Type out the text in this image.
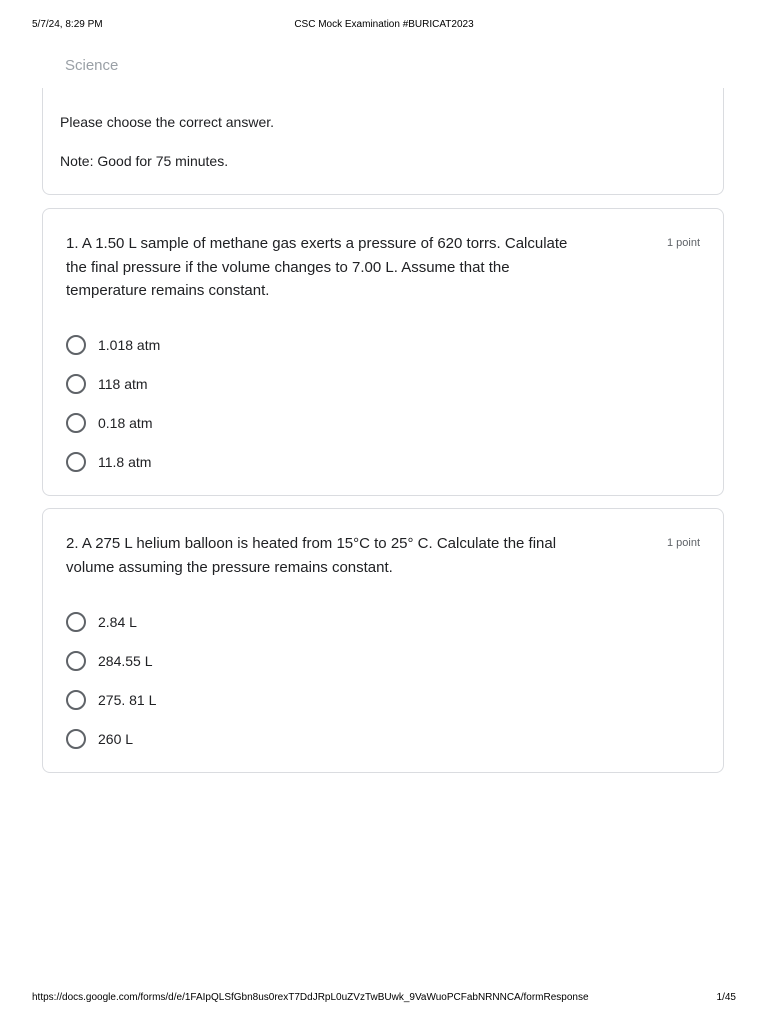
5/7/24, 8:29 PM	CSC Mock Examination #BURICAT2023
Science
Please choose the correct answer.
Note: Good for 75 minutes.
1. A 1.50 L sample of methane gas exerts a pressure of 620 torrs. Calculate the final pressure if the volume changes to 7.00 L. Assume that the temperature remains constant.
1 point
1.018 atm
118 atm
0.18 atm
11.8 atm
2. A 275 L helium balloon is heated from 15°C to 25° C. Calculate the final volume assuming the pressure remains constant.
1 point
2.84 L
284.55 L
275. 81 L
260 L
https://docs.google.com/forms/d/e/1FAIpQLSfGbn8us0rexT7DdJRpL0uZVzTwBUwk_9VaWuoPCFabNRNNCA/formResponse	1/45
